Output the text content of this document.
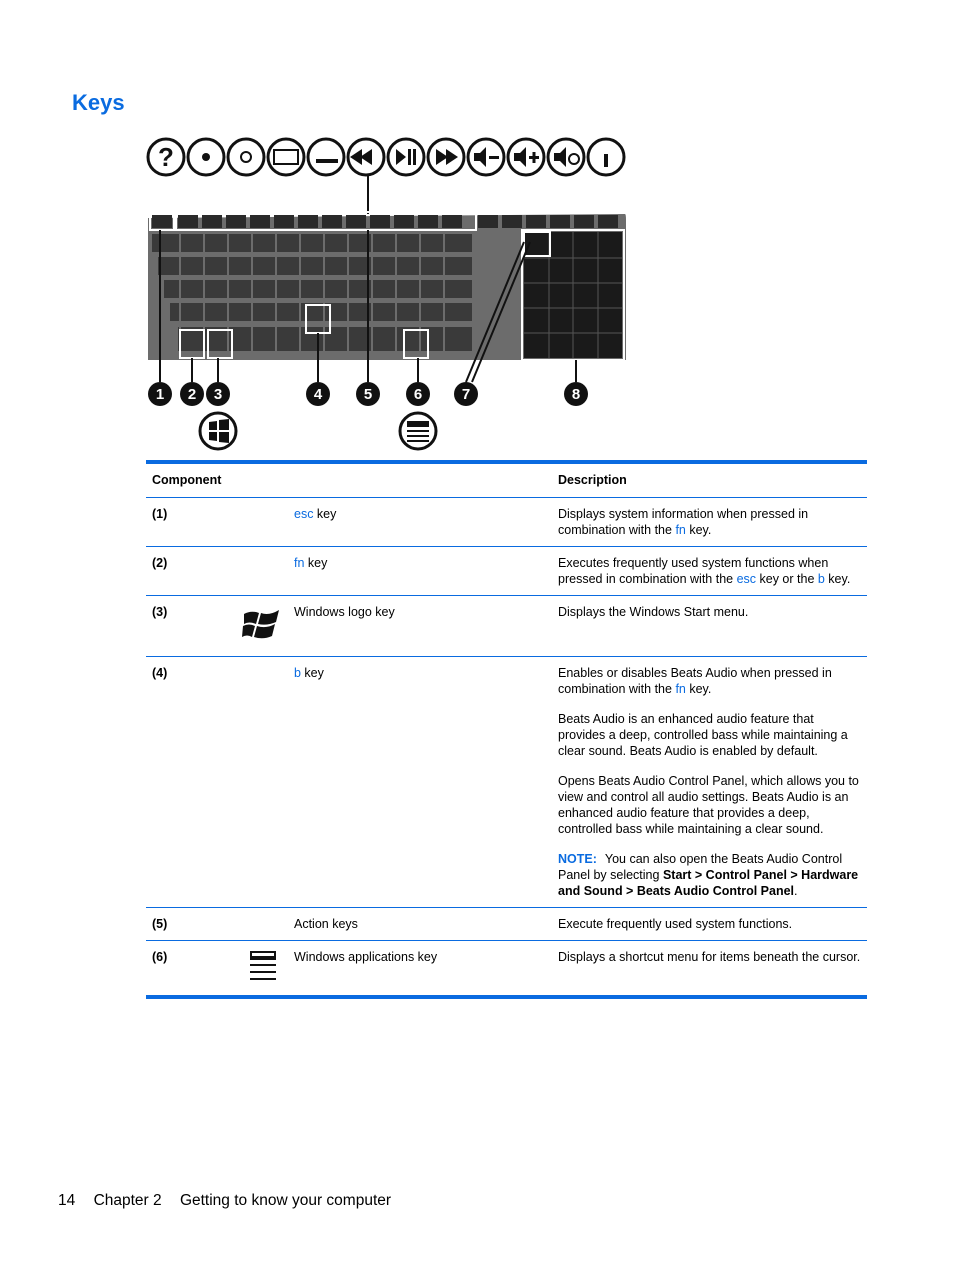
Keys
?
1 2 3	4	5	6	7	8
Component			Description
(1)		esc key	Displays system information when pressed in combination with the fn key.
(2)		fn key	Executes frequently used system functions when pressed in combination with the esc key or the b key.
(3)		Windows logo key	Displays the Windows Start menu.
(4)		b key	Enables or disables Beats Audio when pressed in combination with the fn key.

Beats Audio is an enhanced audio feature that provides a deep, controlled bass while maintaining a clear sound. Beats Audio is enabled by default.

Opens Beats Audio Control Panel, which allows you to view and control all audio settings. Beats Audio is an enhanced audio feature that provides a deep, controlled bass while maintaining a clear sound.

NOTE: You can also open the Beats Audio Control Panel by selecting Start > Control Panel > Hardware and Sound > Beats Audio Control Panel.

(5)		Action keys	Execute frequently used system functions.
(6)		Windows applications key	Displays a shortcut menu for items beneath the cursor.
14 Chapter 2 Getting to know your computer
